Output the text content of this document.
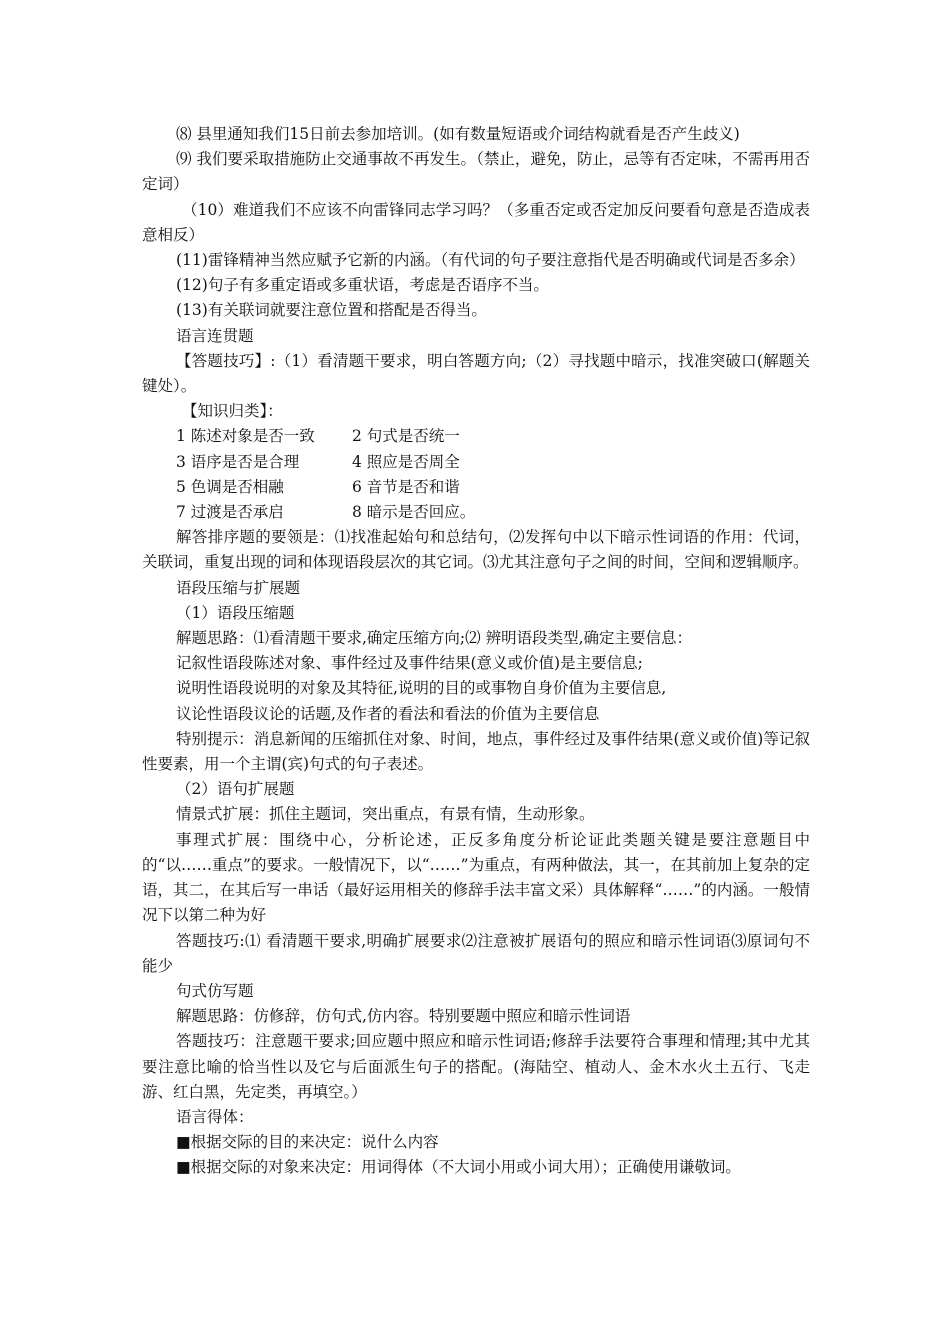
⑻ 县里通知我们15日前去参加培训。(如有数量短语或介词结构就看是否产生歧义)

⑼ 我们要采取措施防止交通事故不再发生。（禁止，避免，防止，忌等有否定味，不需再用否定词）

（10）难道我们不应该不向雷锋同志学习吗？（多重否定或否定加反问要看句意是否造成表意相反）

(11)雷锋精神当然应赋予它新的内涵。（有代词的句子要注意指代是否明确或代词是否多余）

(12)句子有多重定语或多重状语，考虑是否语序不当。

(13)有关联词就要注意位置和搭配是否得当。

语言连贯题

【答题技巧】:（1）看清题干要求，明白答题方向;（2）寻找题中暗示，找准突破口(解题关键处）。

【知识归类】：

1 陈述对象是否一致	2 句式是否统一
3 语序是否是合理	4 照应是否周全
5 色调是否相融	6 音节是否和谐
7 过渡是否承启	8 暗示是否回应。

解答排序题的要领是：⑴找准起始句和总结句，⑵发挥句中以下暗示性词语的作用：代词，关联词，重复出现的词和体现语段层次的其它词。⑶尤其注意句子之间的时间，空间和逻辑顺序。

语段压缩与扩展题

（1）语段压缩题

解题思路：⑴看清题干要求,确定压缩方向;⑵ 辨明语段类型,确定主要信息：

记叙性语段陈述对象、事件经过及事件结果(意义或价值)是主要信息;

说明性语段说明的对象及其特征,说明的目的或事物自身价值为主要信息,

议论性语段议论的话题,及作者的看法和看法的价值为主要信息

特别提示：消息新闻的压缩抓住对象、时间，地点，事件经过及事件结果(意义或价值)等记叙性要素，用一个主谓(宾)句式的句子表述。

（2）语句扩展题

情景式扩展：抓住主题词，突出重点，有景有情，生动形象。

事理式扩展：围绕中心，分析论述，正反多角度分析论证此类题关键是要注意题目中的“以……重点”的要求。一般情况下，以“……”为重点，有两种做法，其一，在其前加上复杂的定语，其二，在其后写一串话（最好运用相关的修辞手法丰富文采）具体解释“……”的内涵。一般情况下以第二种为好

答题技巧:⑴ 看清题干要求,明确扩展要求⑵注意被扩展语句的照应和暗示性词语⑶原词句不能少

句式仿写题

解题思路：仿修辞，仿句式,仿内容。特别要题中照应和暗示性词语

答题技巧：注意题干要求;回应题中照应和暗示性词语;修辞手法要符合事理和情理;其中尤其要注意比喻的恰当性以及它与后面派生句子的搭配。(海陆空、植动人、金木水火土五行、飞走游、红白黑，先定类，再填空。）

语言得体：

■根据交际的目的来决定：说什么内容

■根据交际的对象来决定：用词得体（不大词小用或小词大用）；正确使用谦敬词。
